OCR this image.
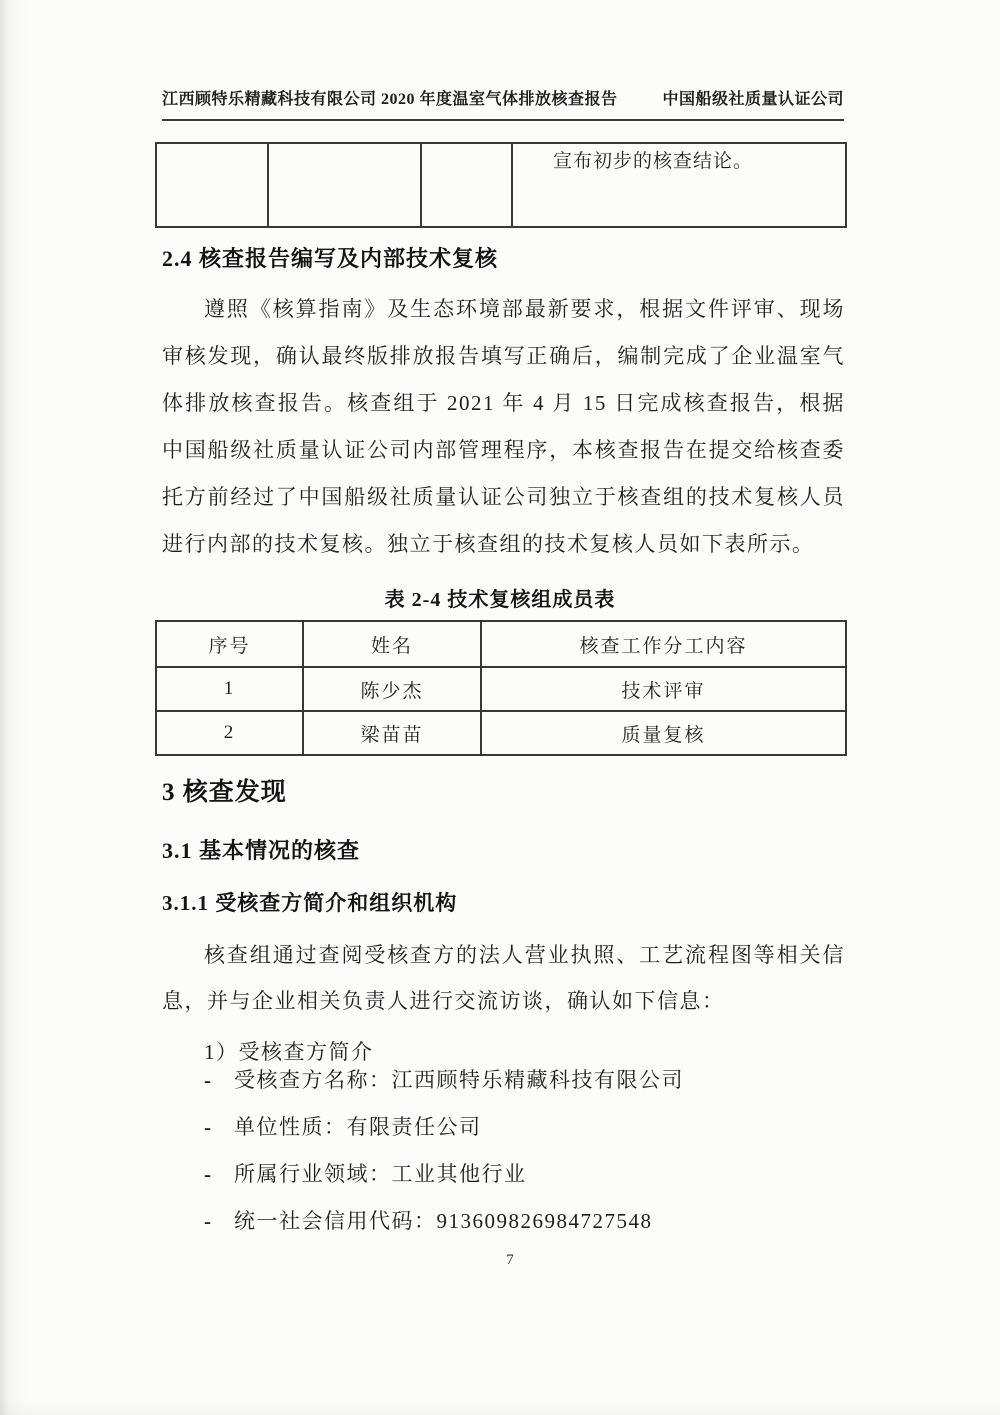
江西顾特乐精藏科技有限公司 2020 年度温室气体排放核查报告	中国船级社质量认证公司
			宣布初步的核查结论。
2.4 核查报告编写及内部技术复核

遵照《核算指南》及生态环境部最新要求，根据文件评审、现场审核发现，确认最终版排放报告填写正确后，编制完成了企业温室气体排放核查报告。核查组于 2021 年 4 月 15 日完成核查报告，根据中国船级社质量认证公司内部管理程序，本核查报告在提交给核查委托方前经过了中国船级社质量认证公司独立于核查组的技术复核人员进行内部的技术复核。独立于核查组的技术复核人员如下表所示。

表 2-4 技术复核组成员表
序号	姓名	核查工作分工内容
1	陈少杰	技术评审
2	梁苗苗	质量复核
3 核查发现
3.1 基本情况的核查
3.1.1 受核查方简介和组织机构

核查组通过查阅受核查方的法人营业执照、工艺流程图等相关信息，并与企业相关负责人进行交流访谈，确认如下信息：

1）受核查方简介
-	受核查方名称：江西顾特乐精藏科技有限公司
-	单位性质：有限责任公司
-	所属行业领域：工业其他行业
-	统一社会信用代码：913609826984727548
7
